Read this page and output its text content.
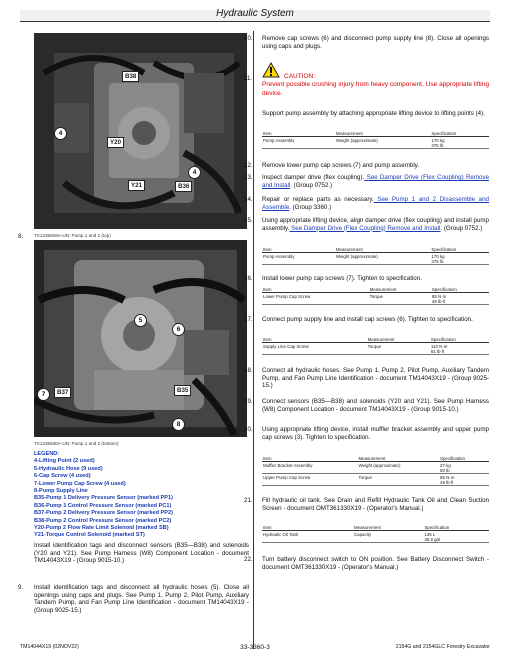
Hydraulic System
B38
4
Y20
4
Y21	B36
8. TX1235828A-UN: Pump 1 and 2 (top)
5
6
7	B37	B35
8
TX1235830A-UN: Pump 1 and 2 (bottom)
LEGEND:
4-Lifting Point (2 used)
5-Hydraulic Hose (9 used)
6-Cap Screw (4 used)
7-Lower Pump Cap Screw (4 used)
8-Pump Supply Line
B35-Pump 1 Delivery Pressure Sensor (marked PP1)
B36-Pump 1 Control Pressure Sensor (marked PC1)
B37-Pump 2 Delivery Pressure Sensor (marked PP2)
B38-Pump 2 Control Pressure Sensor (marked PC2)
Y20-Pump 2 Flow Rate Limit Solenoid (marked SB)
Y21-Torque Control Solenoid (marked ST)
Install identification tags and disconnect sensors (B35—B38) and solenoids (Y20 and Y21). See Pump Harness (W8) Component Location - document TM14043X19 - (Group 9015-10.)
9. Install identification tags and disconnect all hydraulic hoses (5). Close all openings using caps and plugs. See Pump 1, Pump 2, Pilot Pump, Auxiliary Tandem Pump, and Fan Pump Line Identification - document TM14043X19 - (Group 9025-15.)
10. Remove cap screws (6) and disconnect pump supply line (8). Close all openings using caps and plugs.
11.	CAUTION:
Prevent possible crushing injury from heavy component. Use appropriate lifting device.
Support pump assembly by attaching appropriate lifting device to lifting points (4).
Item	Measurement	Specification
Pump Assembly	Weight (approximate)	170 kg
375 lb
12. Remove lower pump cap screws (7) and pump assembly.
13. Inspect damper drive (flex coupling). See Damper Drive (Flex Coupling) Remove and Install. (Group 0752.)
14. Repair or replace parts as necessary. See Pump 1 and 2 Disassemble and Assemble. (Group 3360.)
15. Using appropriate lifting device, align damper drive (flex coupling) and install pump assembly. See Damper Drive (Flex Coupling) Remove and Install. (Group 0752.)
Item	Measurement	Specification
Pump Assembly	Weight (approximate)	170 kg
375 lb
16. Install lower pump cap screws (7). Tighten to specification.
Item	Measurement	Specification
Lower Pump Cap Screw	Torque	85 N·m
48 lb·ft
17. Connect pump supply line and install cap screws (6). Tighten to specification.
Item	Measurement	Specification
Supply Line Cap Screw	Torque	110 N·m
81 lb·ft
18. Connect all hydraulic hoses. See Pump 1, Pump 2, Pilot Pump, Auxiliary Tandem Pump, and Fan Pump Line Identification - document TM14043X19 - (Group 9025-15.)
19. Connect sensors (B35—B38) and solenoids (Y20 and Y21). See Pump Harness (W8) Component Location - document TM14043X19 - (Group 9015-10.)
20. Using appropriate lifting device, install muffler bracket assembly and upper pump cap screws (3). Tighten to specification.
Item	Measurement	Specification
Muffler Bracket Assembly	Weight (approximate)	27 kg
60 lb
Upper Pump Cap Screw	Torque	85 N·m
48 lb·ft
21. Fill hydraulic oil tank. See Drain and Refill Hydraulic Tank Oil and Clean Suction Screen - document OMT361330X19 - (Operator's Manual.)
Item	Measurement	Specification
Hydraulic Oil Tank	Capacity	135 L
35.9 gal
22. Turn battery disconnect switch to ON position. See Battery Disconnect Switch - document OMT361330X19 - (Operator's Manual.)
TM14044X19 (02NOV22)	33-3360-3	2154G and 2154GLC Forestry Excavator
